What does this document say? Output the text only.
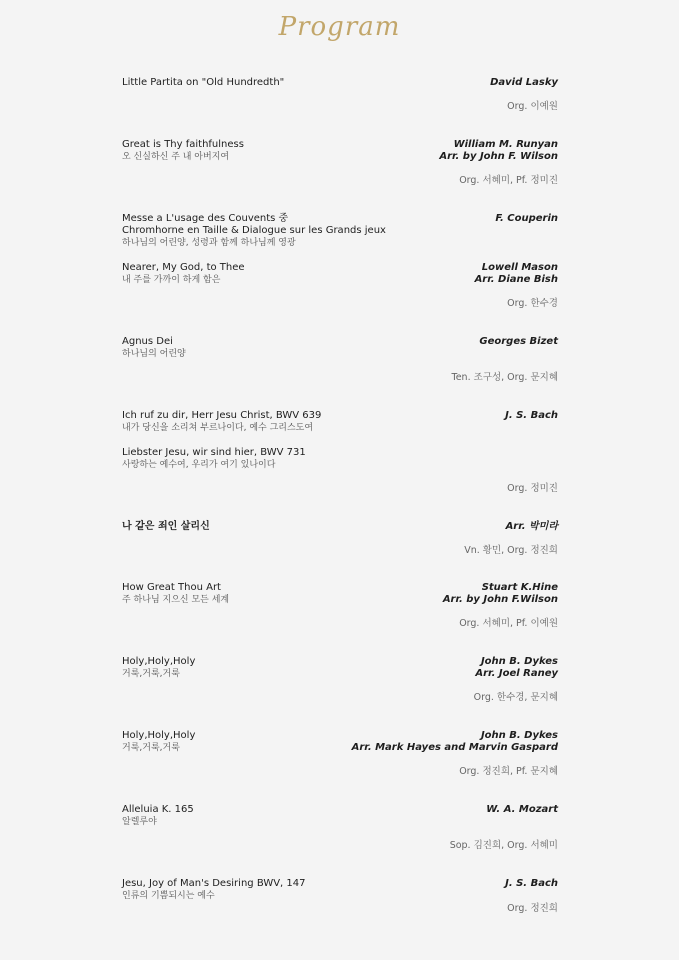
Program
Little Partita on "Old Hundredth"	David Lasky
Org. 이예원
Great is Thy faithfulness	William M. Runyan
오 신실하신 주 내 아버지여	Arr. by John F. Wilson
Org. 서혜미, Pf. 정미진
Messe a L'usage des Couvents 중	F. Couperin
Chromhorne en Taille & Dialogue sur les Grands jeux
하나님의 어린양, 성령과 함께 하나님께 영광
Nearer, My God, to Thee	Lowell Mason
내 주를 가까이 하게 함은	Arr. Diane Bish
Org. 한수경
Agnus Dei	Georges Bizet
하나님의 어린양
Ten. 조구성, Org. 문지혜
Ich ruf zu dir, Herr Jesu Christ, BWV 639	J. S. Bach
내가 당신을 소리쳐 부르나이다, 예수 그리스도여
Liebster Jesu, wir sind hier, BWV 731
사랑하는 예수여, 우리가 여기 있나이다
Org. 정미진
나 같은 죄인 살리신	Arr. 박미라
Vn. 황민, Org. 정진희
How Great Thou Art	Stuart K.Hine
주 하나님 지으신 모든 세계	Arr. by John F.Wilson
Org. 서혜미, Pf. 이예원
Holy,Holy,Holy	John B. Dykes
거룩,거룩,거룩	Arr. Joel Raney
Org. 한수경, 문지혜
Holy,Holy,Holy	John B. Dykes
거룩,거룩,거룩	Arr. Mark Hayes and Marvin Gaspard
Org. 정진희, Pf. 문지혜
Alleluia K. 165	W. A. Mozart
알렐루야
Sop. 김진희, Org. 서혜미
Jesu, Joy of Man's Desiring BWV, 147	J. S. Bach
인류의 기쁨되시는 예수
Org. 정진희
